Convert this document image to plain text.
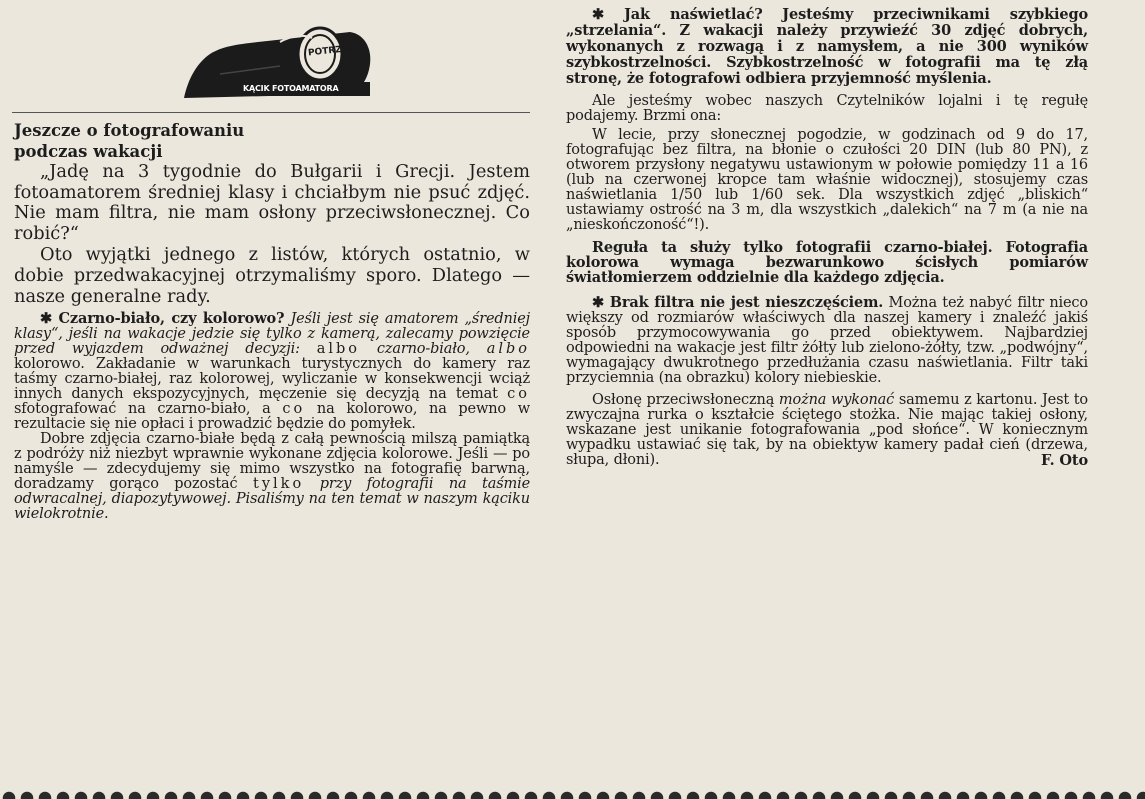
POTRZAS
KĄCIK FOTOAMATORA
Jeszcze o fotografowaniu
podczas wakacji

„Jadę na 3 tygodnie do Bułgarii i Grecji. Jestem fotoamatorem średniej klasy i chciałbym nie psuć zdjęć. Nie mam filtra, nie mam osłony przeciwsłonecznej. Co robić?“

Oto wyjątki jednego z listów, których ostatnio, w dobie przedwakacyjnej otrzymaliśmy sporo. Dlatego — nasze generalne rady.

✱ Czarno-biało, czy kolorowo? Jeśli jest się amatorem „średniej klasy“, jeśli na wakacje jedzie się tylko z kamerą, zalecamy powzięcie przed wyjazdem odważnej decyzji: albo czarno-biało, albo kolorowo. Zakładanie w warunkach turystycznych do kamery raz taśmy czarno-białej, raz kolorowej, wyliczanie w konsekwencji wciąż innych danych ekspozycyjnych, męczenie się decyzją na temat co sfotografować na czarno-biało, a co na kolorowo, na pewno w rezultacie się nie opłaci i prowadzić będzie do pomyłek.

Dobre zdjęcia czarno-białe będą z całą pewnością milszą pamiątką z podróży niż niezbyt wprawnie wykonane zdjęcia kolorowe. Jeśli — po namyśle — zdecydujemy się mimo wszystko na fotografię barwną, doradzamy gorąco pozostać tylko przy fotografii na taśmie odwracalnej, diapozytywowej. Pisaliśmy na ten temat w naszym kąciku wielokrotnie.

✱ Jak naświetlać? Jesteśmy przeciwnikami szybkiego „strzelania“. Z wakacji należy przywieźć 30 zdjęć dobrych, wykonanych z rozwagą i z namysłem, a nie 300 wyników szybkostrzelności. Szybkostrzelność w fotografii ma tę złą stronę, że fotografowi odbiera przyjemność myślenia.

Ale jesteśmy wobec naszych Czytelników lojalni i tę regułę podajemy. Brzmi ona:

W lecie, przy słonecznej pogodzie, w godzinach od 9 do 17, fotografując bez filtra, na błonie o czułości 20 DIN (lub 80 PN), z otworem przysłony negatywu ustawionym w połowie pomiędzy 11 a 16 (lub na czerwonej kropce tam właśnie widocznej), stosujemy czas naświetlania 1/50 lub 1/60 sek. Dla wszystkich zdjęć „bliskich“ ustawiamy ostrość na 3 m, dla wszystkich „dalekich“ na 7 m (a nie na „nieskończoność“!).

Reguła ta służy tylko fotografii czarno-białej. Fotografia kolorowa wymaga bezwarunkowo ścisłych pomiarów światłomierzem oddzielnie dla każdego zdjęcia.

✱ Brak filtra nie jest nieszczęściem. Można też nabyć filtr nieco większy od rozmiarów właściwych dla naszej kamery i znaleźć jakiś sposób przymocowywania go przed obiektywem. Najbardziej odpowiedni na wakacje jest filtr żółty lub zielono-żółty, tzw. „podwójny“, wymagający dwukrotnego przedłużania czasu naświetlania. Filtr taki przyciemnia (na obrazku) kolory niebieskie.

Osłonę przeciwsłoneczną można wykonać samemu z kartonu. Jest to zwyczajna rurka o kształcie ściętego stożka. Nie mając takiej osłony, wskazane jest unikanie fotografowania „pod słońce“. W koniecznym wypadku ustawiać się tak, by na obiektyw kamery padał cień (drzewa, słupa, dłoni).	F. Oto
